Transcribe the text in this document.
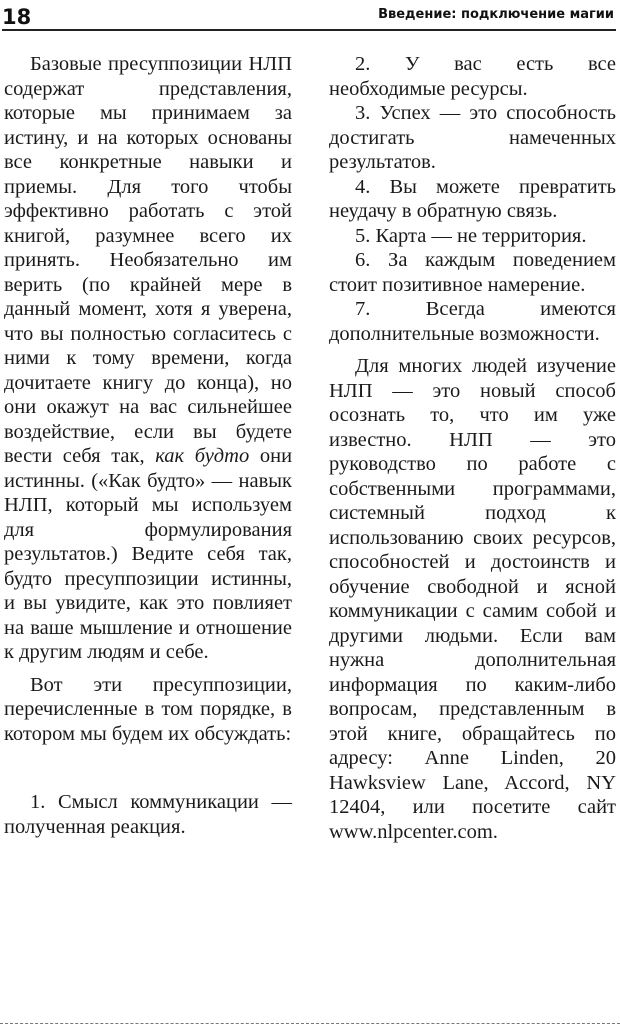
18	Введение: подключение магии

Базовые пресуппозиции НЛП содержат представления, которые мы принимаем за истину, и на которых основаны все конкретные навыки и приемы. Для того чтобы эффективно работать с этой книгой, разумнее всего их принять. Необязательно им верить (по крайней мере в данный момент, хотя я уверена, что вы полностью согласитесь с ними к тому времени, когда дочитаете книгу до конца), но они окажут на вас сильнейшее воздействие, если вы будете вести себя так, как будто они истинны. («Как будто» — навык НЛП, который мы используем для формулирования результатов.) Ведите себя так, будто пресуппозиции истинны, и вы увидите, как это повлияет на ваше мышление и отношение к другим людям и себе.

Вот эти пресуппозиции, перечисленные в том порядке, в котором мы будем их обсуждать:

1. Смысл коммуникации — полученная реакция.

2. У вас есть все необходимые ресурсы.

3. Успех — это способность достигать намеченных результатов.

4. Вы можете превратить неудачу в обратную связь.

5. Карта — не территория.

6. За каждым поведением стоит позитивное намерение.

7. Всегда имеются дополнительные возможности.

Для многих людей изучение НЛП — это новый способ осознать то, что им уже известно. НЛП — это руководство по работе с собственными программами, системный подход к использованию своих ресурсов, способностей и достоинств и обучение свободной и ясной коммуникации с самим собой и другими людьми. Если вам нужна дополнительная информация по каким-либо вопросам, представленным в этой книге, обращайтесь по адресу: Anne Linden, 20 Hawksview Lane, Accord, NY 12404, или посетите сайт www.nlpcenter.com.
